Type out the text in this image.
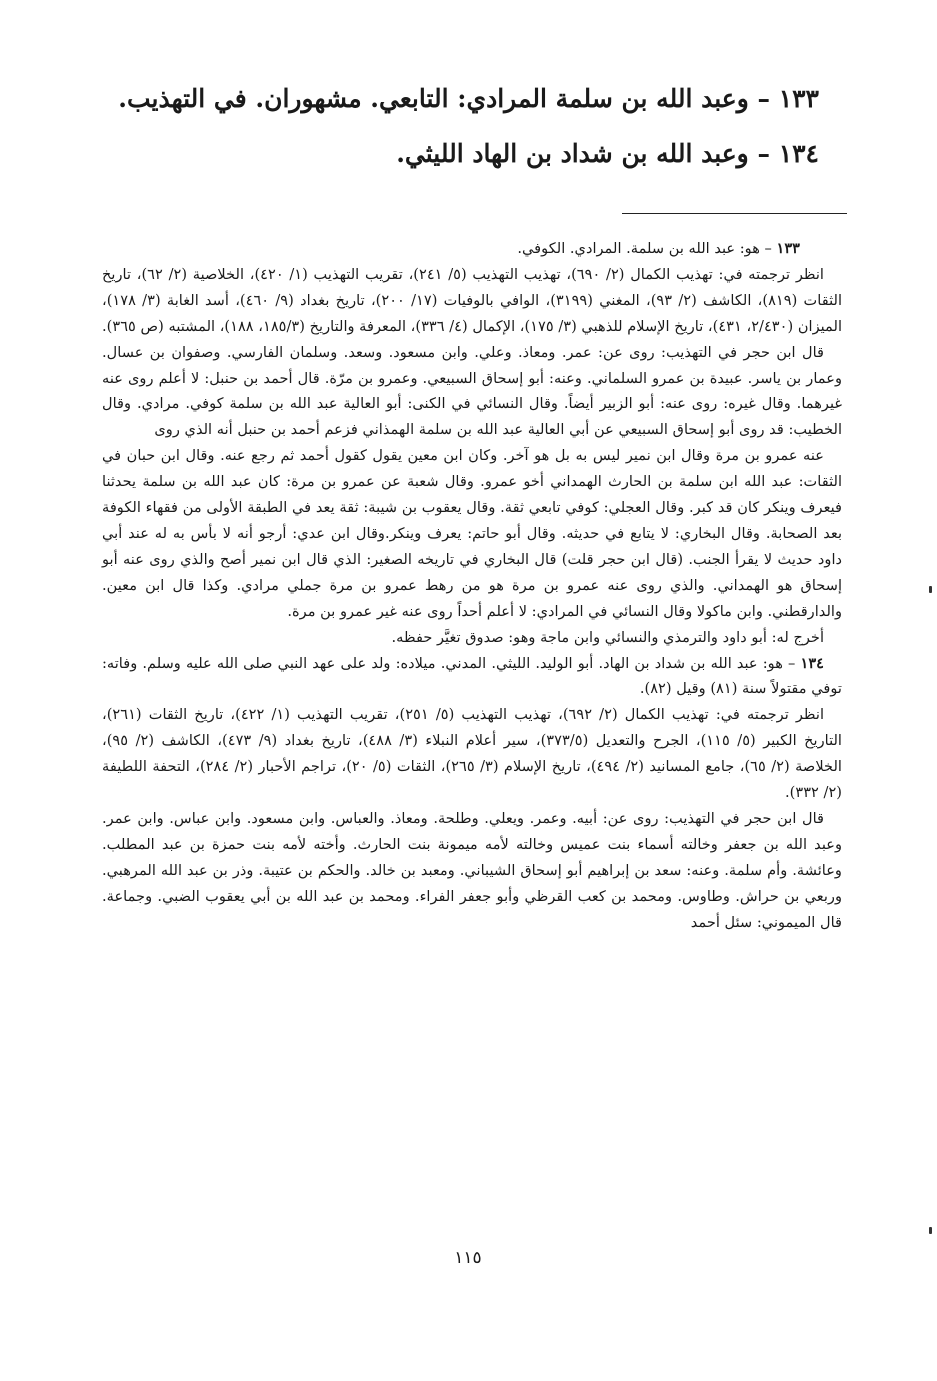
١٣٣ – وعبد الله بن سلمة المرادي: التابعي. مشهوران. في التهذيب.
١٣٤ – وعبد الله بن شداد بن الهاد الليثي.

١٣٣ – هو: عبد الله بن سلمة. المرادي. الكوفي.

انظر ترجمته في: تهذيب الكمال (٢/ ٦٩٠)، تهذيب التهذيب (٥/ ٢٤١)، تقريب التهذيب (١/ ٤٢٠)، الخلاصية (٢/ ٦٢)، تاريخ الثقات (٨١٩)، الكاشف (٢/ ٩٣)، المغني (٣١٩٩)، الوافي بالوفيات (١٧/ ٢٠٠)، تاريخ بغداد (٩/ ٤٦٠)، أسد الغابة (٣/ ١٧٨)، الميزان (٢/٤٣٠، ٤٣١)، تاريخ الإسلام للذهبي (٣/ ١٧٥)، الإكمال (٤/ ٣٣٦)، المعرفة والتاريخ (١٨٥/٣، ١٨٨)، المشتبه (ص ٣٦٥).

قال ابن حجر في التهذيب: روى عن: عمر. ومعاذ. وعلي. وابن مسعود. وسعد. وسلمان الفارسي. وصفوان بن عسال. وعمار بن ياسر. عبيدة بن عمرو السلماني. وعنه: أبو إسحاق السبيعي. وعمرو بن مرّة. قال أحمد بن حنبل: لا أعلم روى عنه غيرهما. وقال غيره: روى عنه: أبو الزبير أيضاً. وقال النسائي في الكنى: أبو العالية عبد الله بن سلمة كوفي. مرادي. وقال الخطيب: قد روى أبو إسحاق السبيعي عن أبي العالية عبد الله بن سلمة الهمذاني فزعم أحمد بن حنبل أنه الذي روى

عنه عمرو بن مرة وقال ابن نمير ليس به بل هو آخر. وكان ابن معين يقول كقول أحمد ثم رجع عنه. وقال ابن حبان في الثقات: عبد الله ابن سلمة بن الحارث الهمداني أخو عمرو. وقال شعبة عن عمرو بن مرة: كان عبد الله بن سلمة يحدثنا فيعرف وينكر كان قد كبر. وقال العجلي: كوفي تابعي ثقة. وقال يعقوب بن شيبة: ثقة يعد في الطبقة الأولى من فقهاء الكوفة بعد الصحابة. وقال البخاري: لا يتابع في حديثه. وقال أبو حاتم: يعرف وينكر.وقال ابن عدي: أرجو أنه لا بأس به له عند أبي داود حديث لا يقرأ الجنب. (قال ابن حجر قلت) قال البخاري في تاريخه الصغير: الذي قال ابن نمير أصح والذي روى عنه أبو إسحاق هو الهمداني. والذي روى عنه عمرو بن مرة هو من رهط عمرو بن مرة جملي مرادي. وكذا قال ابن معين. والدارقطني. وابن ماكولا وقال النسائي في المرادي: لا أعلم أحداً روى عنه غير عمرو بن مرة.

أخرج له: أبو داود والترمذي والنسائي وابن ماجة وهو: صدوق تغيَّر حفظه.

١٣٤ – هو: عبد الله بن شداد بن الهاد. أبو الوليد. الليثي. المدني. ميلاده: ولد على عهد النبي صلى الله عليه وسلم. وفاته: توفي مقتولاً سنة (٨١) وقيل (٨٢).

انظر ترجمته في: تهذيب الكمال (٢/ ٦٩٢)، تهذيب التهذيب (٥/ ٢٥١)، تقريب التهذيب (١/ ٤٢٢)، تاريخ الثقات (٢٦١)، التاريخ الكبير (٥/ ١١٥)، الجرح والتعديل (٣٧٣/٥)، سير أعلام النبلاء (٣/ ٤٨٨)، تاريخ بغداد (٩/ ٤٧٣)، الكاشف (٢/ ٩٥)، الخلاصة (٢/ ٦٥)، جامع المسانيد (٢/ ٤٩٤)، تاريخ الإسلام (٣/ ٢٦٥)، الثقات (٥/ ٢٠)، تراجم الأحبار (٢/ ٢٨٤)، التحفة اللطيفة (٢/ ٣٣٢).

قال ابن حجر في التهذيب: روى عن: أبيه. وعمر. ويعلي. وطلحة. ومعاذ. والعباس. وابن مسعود. وابن عباس. وابن عمر. وعبد الله بن جعفر وخالته أسماء بنت عميس وخالته لأمه ميمونة بنت الحارث. وأخته لأمه بنت حمزة بن عبد المطلب. وعائشة. وأم سلمة. وعنه: سعد بن إبراهيم أبو إسحاق الشيباني. ومعبد بن خالد. والحكم بن عتيبة. وذر بن عبد الله المرهبي. وربعي بن حراش. وطاوس. ومحمد بن كعب القرظي وأبو جعفر الفراء. ومحمد بن عبد الله بن أبي يعقوب الضبي. وجماعة. قال الميموني: سئل أحمد

١١٥
